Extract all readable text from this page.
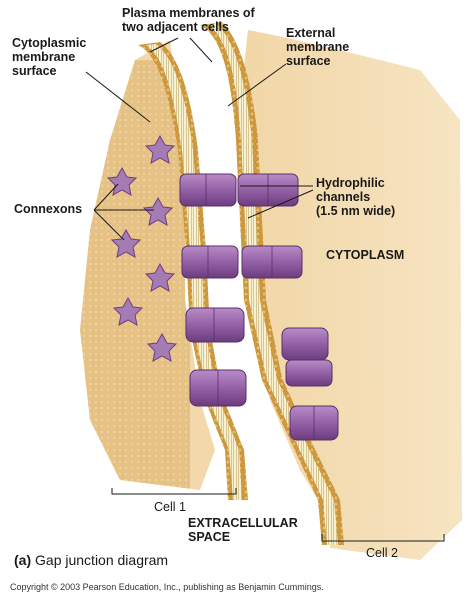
Plasma membranes of
two adjacent cells
Cytoplasmic
membrane
surface
External
membrane
surface
Hydrophilic
channels
(1.5 nm wide)
Connexons
CYTOPLASM
Cell 1
EXTRACELLULAR
SPACE
Cell 2
(a) Gap junction diagram
Copyright © 2003 Pearson Education, Inc., publishing as Benjamin Cummings.
